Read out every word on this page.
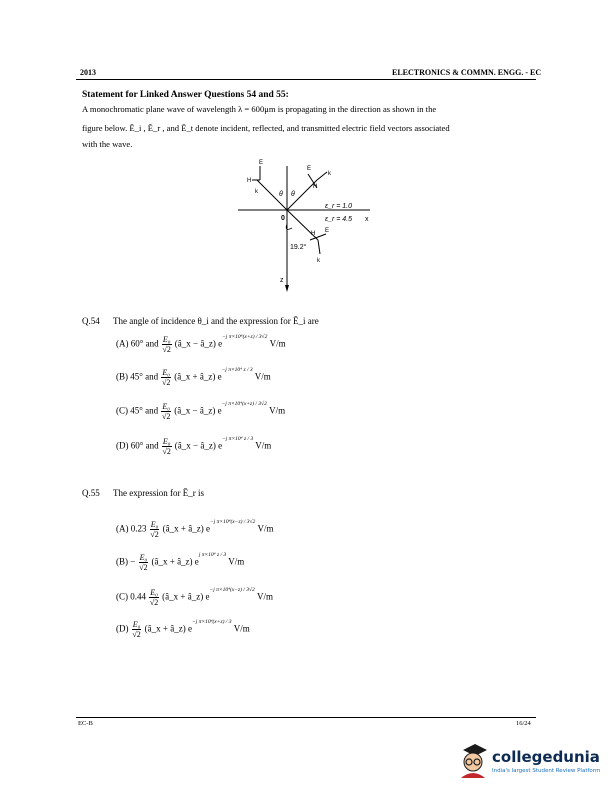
2013	ELECTRONICS & COMMN. ENGG. - EC
Statement for Linked Answer Questions 54 and 55:
A monochromatic plane wave of wavelength λ = 600μm is propagating in the direction as shown in the
figure below. Ē_i , Ē_r , and Ē_t denote incident, reflected, and transmitted electric field vectors associated
with the wave.
E
H
k
E
H
k
E
H
k
θ θ
0
19.2°
ε_r = 1.0
ε_r = 4.5 x
z
Q.54 The angle of incidence θ_i and the expression for Ē_i are
(A) 60° and $\frac{\text{E₀}}{√2}$ (â_x − â_z) $e^{-j \pi\times 10^4(x+z) / 3√2}$ V/m
(B) 45° and $\frac{\text{E₀}}{√2}$ (â_x + â_z) $e^{-j \pi\times 10^4 z / 3}$ V/m
(C) 45° and $\frac{\text{E₀}}{√2}$ (â_x − â_z) $e^{-j \pi\times 10^4(x+z) / 3√2}$ V/m
(D) 60° and $\frac{\text{E₀}}{√2}$ (â_x − â_z) $e^{-j \pi\times 10^4 z / 3}$ V/m
Q.55 The expression for Ē_r is
(A) $0.23 \frac{\text{E₀}}{√2}$ (â_x + â_z) $e^{-j \pi\times 10^4(x-z) / 3√2}$ V/m
$(B) - \frac{\text{E₀}}{√2}$ (â_x + â_z) $e^{j \pi\times 10^4 z / 3}$ V/m
(C) $0.44 \frac{\text{E₀}}{√2}$ (â_x + â_z) $e^{-j \pi\times 10^4(x-z) / 3√2}$ V/m
$(D) \frac{\text{E₀}}{√2}$ (â_x + â_z) $e^{-j \pi\times 10^4(x+z) / 3}$ V/m
EC-B	16/24
collegedunia
India's largest Student Review Platform
